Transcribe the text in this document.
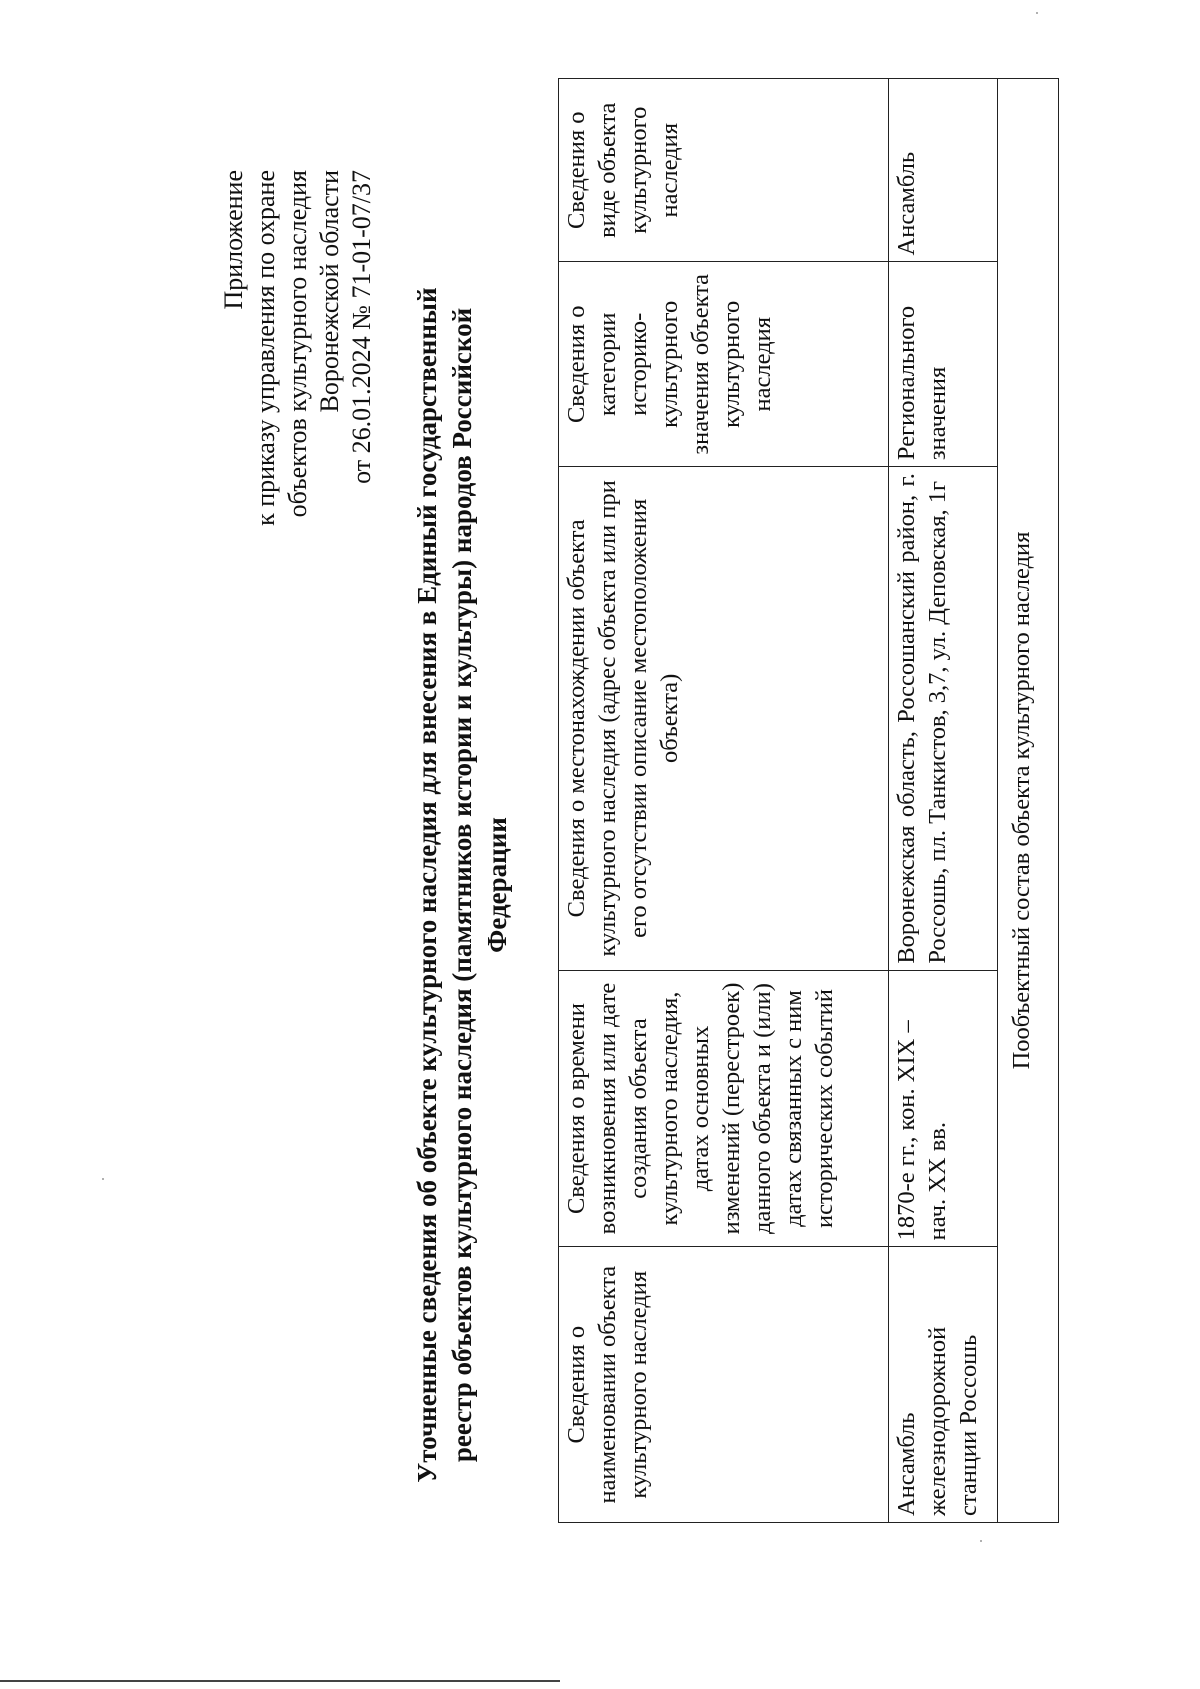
Приложение к приказу управления по охране объектов культурного наследия Воронежской области от 26.01.2024 № 71-01-07/37 Уточненные сведения об объекте культурного наследия для внесения в Единый государственный реестр объектов культурного наследия (памятников истории и культуры) народов Российской Федерации
Сведения о наименовании объекта культурного наследия	Сведения о времени возникновения или дате создания объекта культурного наследия, датах основных изменений (перестроек) данного объекта и (или) датах связанных с ним исторических событий	Сведения о местонахождении объекта культурного наследия (адрес объекта или при его отсутствии описание местоположения объекта)	Сведения о категории историко-культурного значения объекта культурного наследия	Сведения о виде объекта культурного наследия
Ансамбль железнодорожной станции Россошь	1870-е гг., кон. XIX – нач. XX вв.	Воронежская область, Россошанский район, г. Россошь, пл. Танкистов, 3,7, ул. Деповская, 1г	Регионального значения	Ансамбль
Пообъектный состав объекта культурного наследия				
